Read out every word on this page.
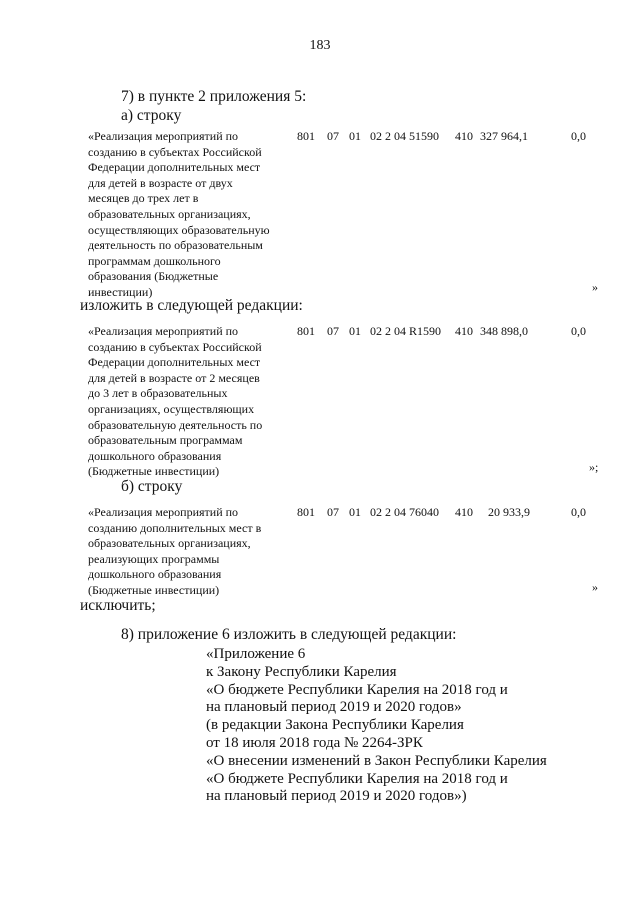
183
7) в пункте 2 приложения 5:
а) строку
«Реализация мероприятий по
созданию в субъектах Российской
Федерации дополнительных мест
для детей в возрасте от двух
месяцев до трех лет в
образовательных организациях,
осуществляющих образовательную
деятельность по образовательным
программам дошкольного
образования (Бюджетные
инвестиции)
801 07 01 02 2 04 51590 410 327 964,1	0,0
»
изложить в следующей редакции:
«Реализация мероприятий по
созданию в субъектах Российской
Федерации дополнительных мест
для детей в возрасте от 2 месяцев
до 3 лет в образовательных
организациях, осуществляющих
образовательную деятельность по
образовательным программам
дошкольного образования
(Бюджетные инвестиции)
801 07 01 02 2 04 R1590 410 348 898,0	0,0
»;
б) строку
«Реализация мероприятий по
созданию дополнительных мест в
образовательных организациях,
реализующих программы
дошкольного образования
(Бюджетные инвестиции)
801 07 01 02 2 04 76040 410 20 933,9	0,0
»
исключить;
8) приложение 6 изложить в следующей редакции:
«Приложение 6
к Закону Республики Карелия
«О бюджете Республики Карелия на 2018 год и
на плановый период 2019 и 2020 годов»
(в редакции Закона Республики Карелия
от 18 июля 2018 года № 2264-ЗРК
«О внесении изменений в Закон Республики Карелия
«О бюджете Республики Карелия на 2018 год и
на плановый период 2019 и 2020 годов»)
